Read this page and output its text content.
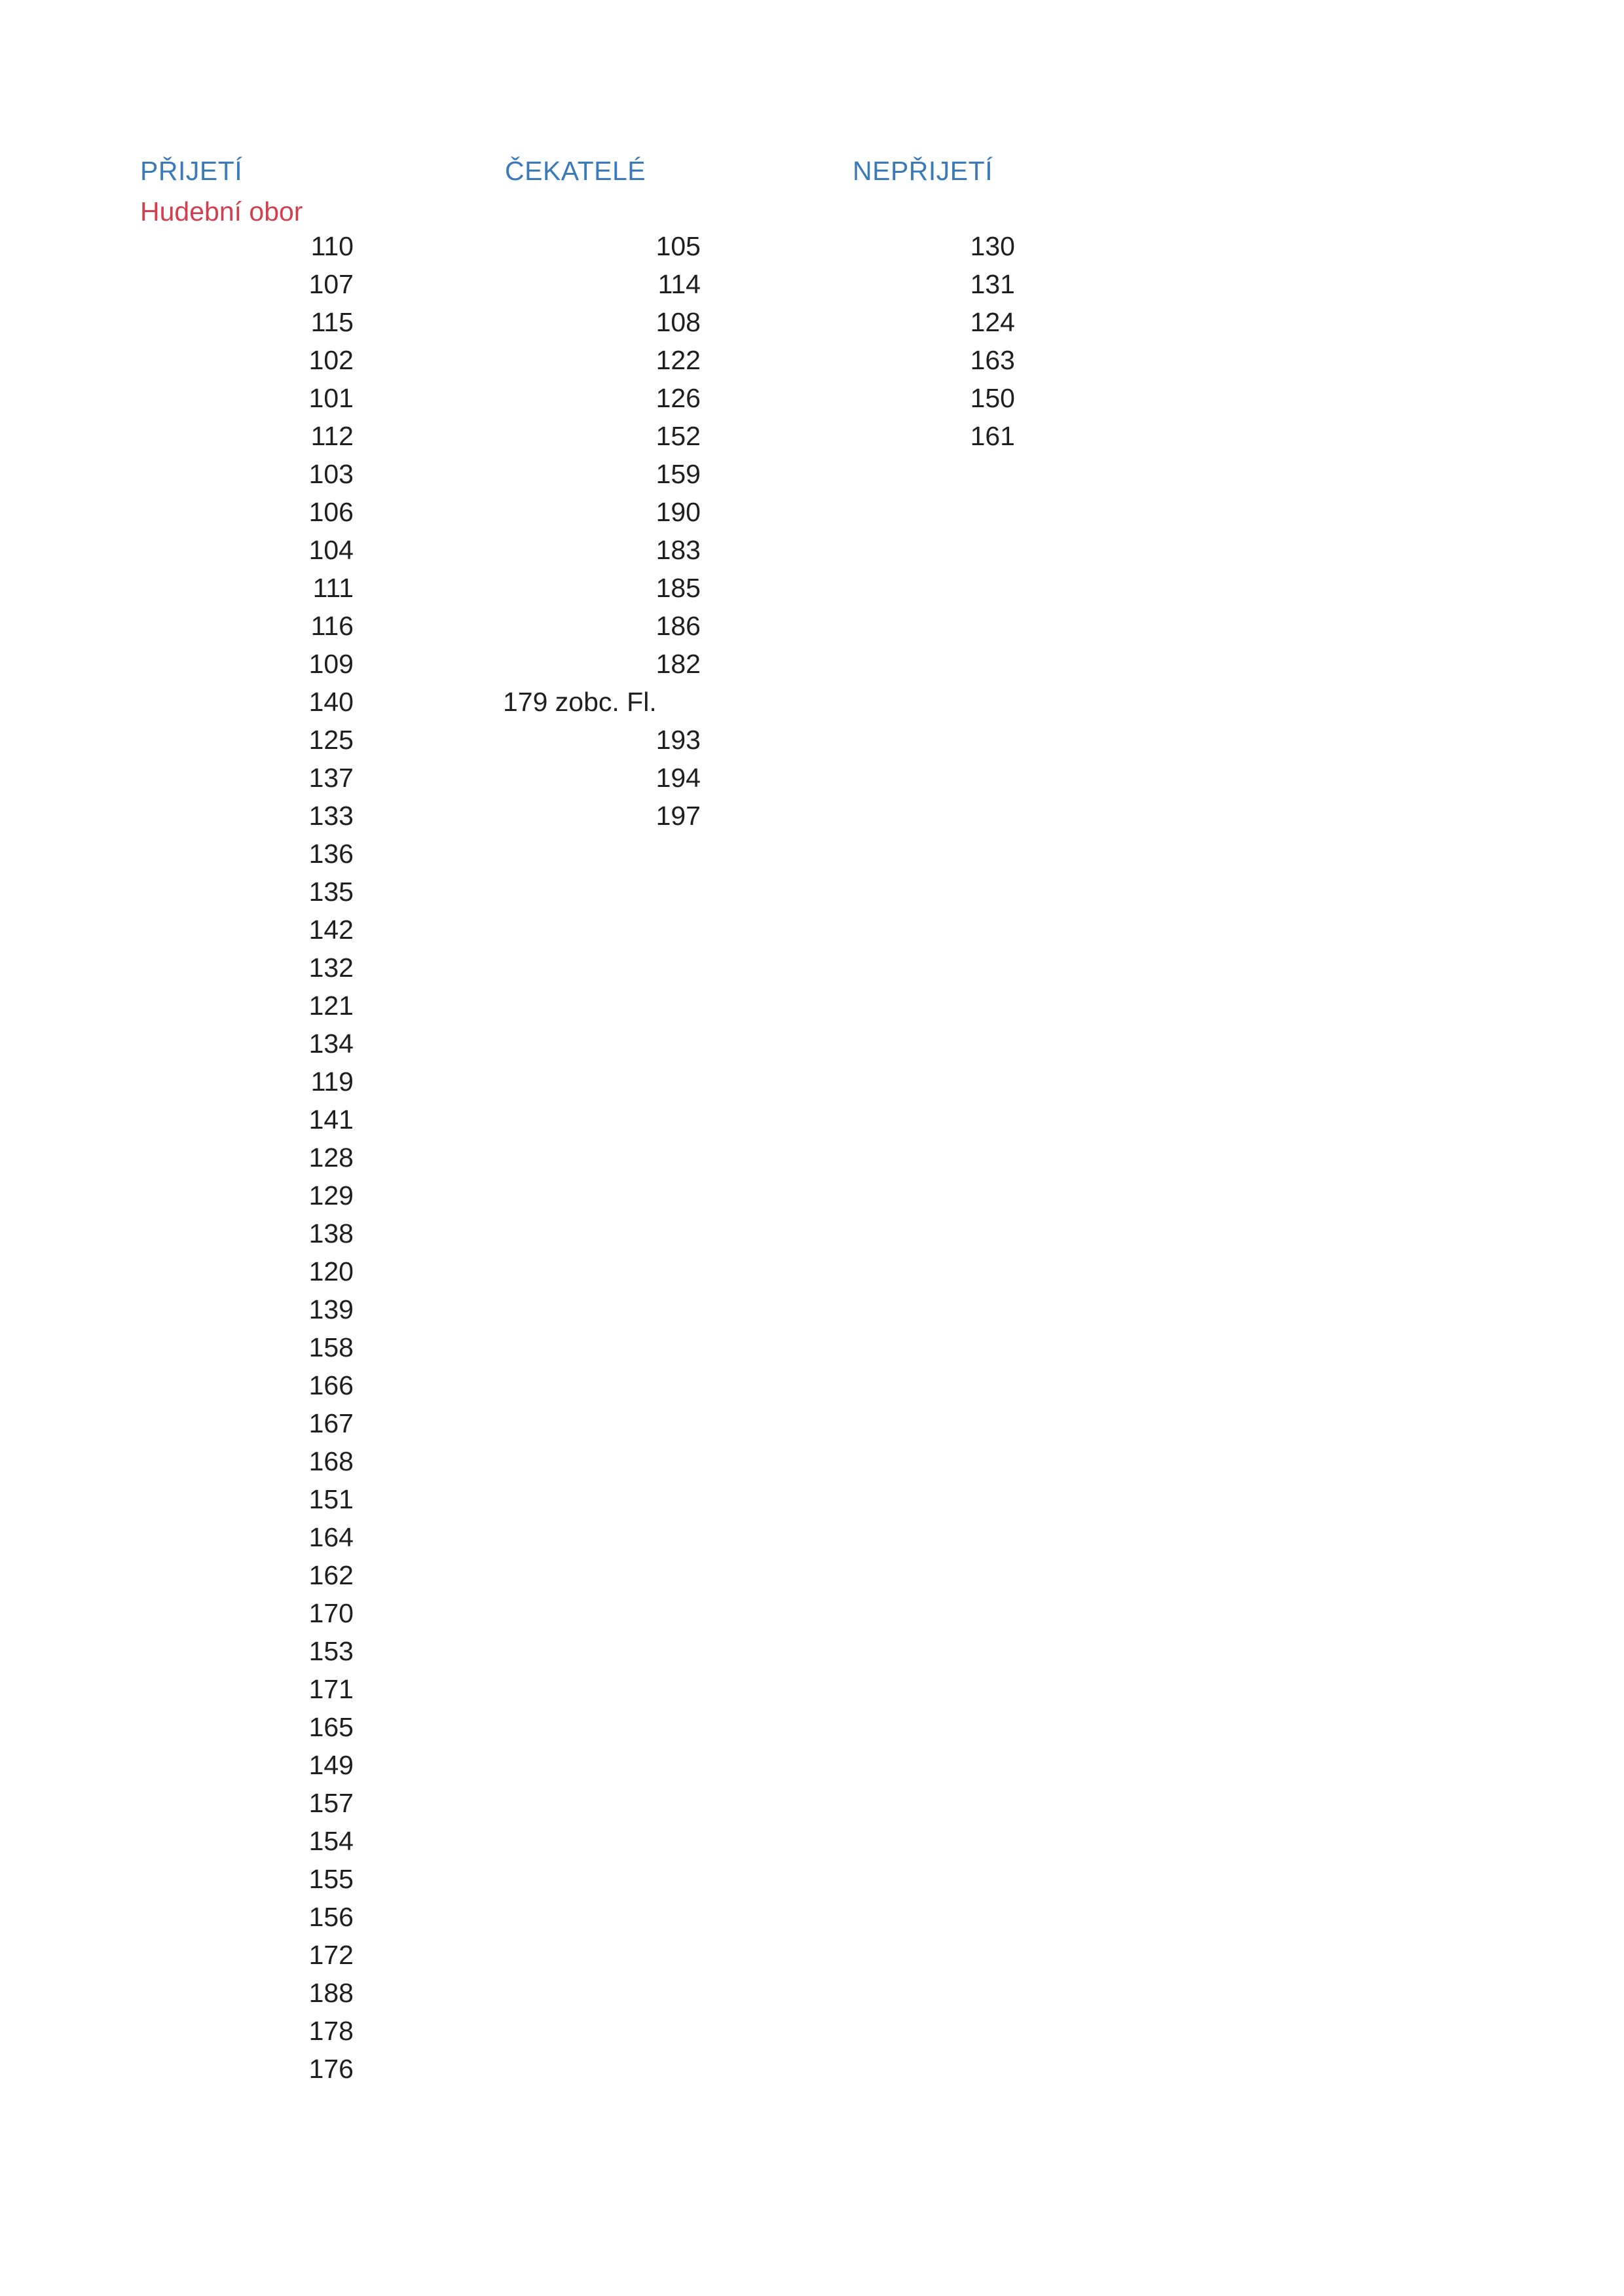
PŘIJETÍ	ČEKATELÉ	NEPŘIJETÍ
Hudební obor
110
107
115
102
101
112
103
106
104
111
116
109
140
125
137
133
136
135
142
132
121
134
119
141
128
129
138
120
139
158
166
167
168
151
164
162
170
153
171
165
149
157
154
155
156
172
188
178
176
105
114
108
122
126
152
159
190
183
185
186
182
179 zobc. Fl.
193
194
197
130
131
124
163
150
161
